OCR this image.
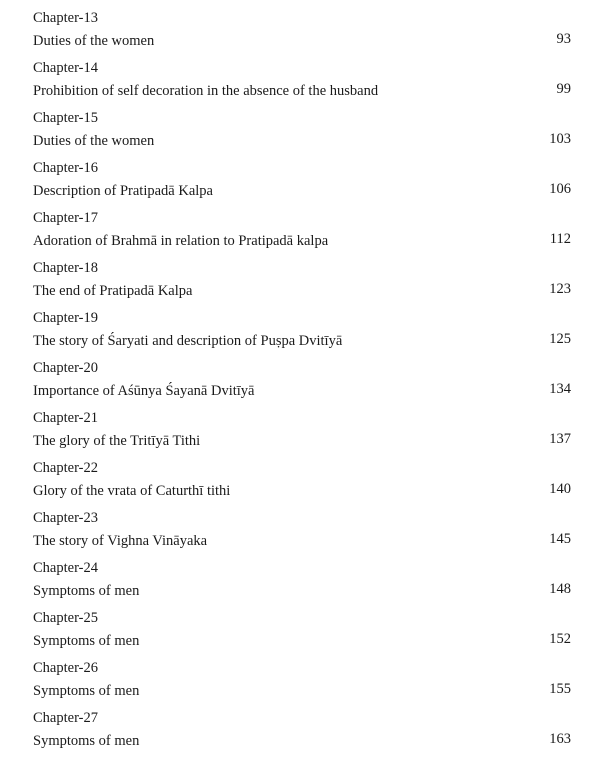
Chapter-13
Duties of the women	93
Chapter-14
Prohibition of self decoration in the absence of the husband	99
Chapter-15
Duties of the women	103
Chapter-16
Description of Pratipadā Kalpa	106
Chapter-17
Adoration of Brahmā in relation to Pratipadā kalpa	112
Chapter-18
The end of Pratipadā Kalpa	123
Chapter-19
The story of Śaryati and description of Puṣpa Dvitīyā	125
Chapter-20
Importance of Aśūnya Śayanā Dvitīyā	134
Chapter-21
The glory of the Tritīyā Tithi	137
Chapter-22
Glory of the vrata of Caturthī tithi	140
Chapter-23
The story of Vighna Vināyaka	145
Chapter-24
Symptoms of men	148
Chapter-25
Symptoms of men	152
Chapter-26
Symptoms of men	155
Chapter-27
Symptoms of men	163
